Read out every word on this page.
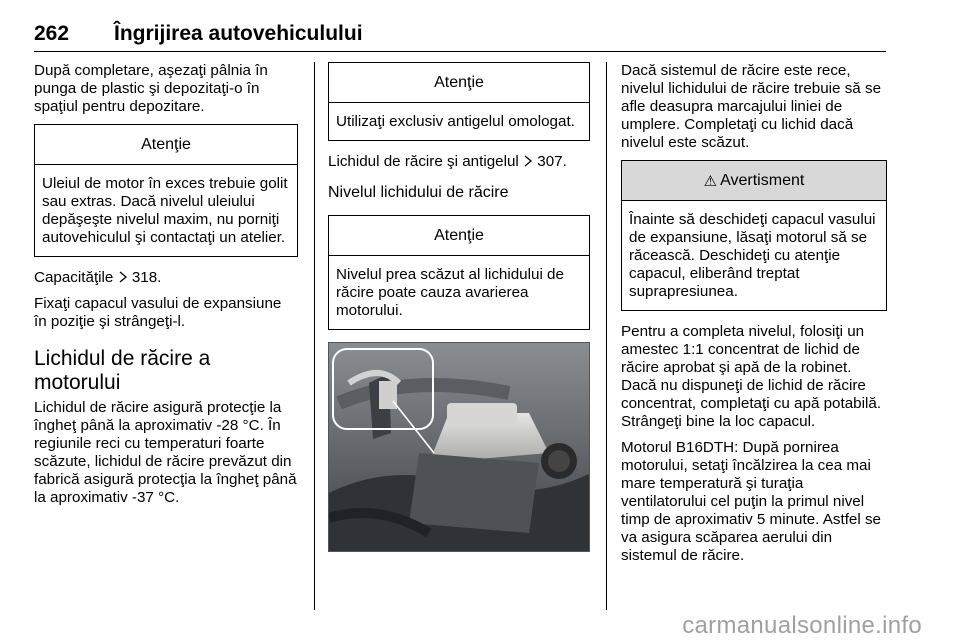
262 Îngrijirea autovehiculului

După completare, aşezaţi pâlnia în punga de plastic şi depozitaţi-o în spaţiul pentru depozitare.

Atenţie
Uleiul de motor în exces trebuie golit sau extras. Dacă nivelul uleiului depăşeşte nivelul maxim, nu porniţi autovehiculul şi contactaţi un atelier.

Capacităţile 318.

Fixaţi capacul vasului de expansiune în poziţie şi strângeţi-l.

Lichidul de răcire a motorului

Lichidul de răcire asigură protecţie la îngheţ până la aproximativ -28 °C. În regiunile reci cu temperaturi foarte scăzute, lichidul de răcire prevăzut din fabrică asigură protecţia la îngheţ până la aproximativ -37 °C.

Atenţie
Utilizaţi exclusiv antigelul omologat.

Lichidul de răcire şi antigelul 307.

Nivelul lichidului de răcire
Atenţie
Nivelul prea scăzut al lichidului de răcire poate cauza avarierea motorului.

Dacă sistemul de răcire este rece, nivelul lichidului de răcire trebuie să se afle deasupra marcajului liniei de umplere. Completaţi cu lichid dacă nivelul este scăzut.

⚠ Avertisment
Înainte să deschideţi capacul vasului de expansiune, lăsaţi motorul să se răcească. Deschideţi cu atenţie capacul, eliberând treptat suprapresiunea.

Pentru a completa nivelul, folosiţi un amestec 1:1 concentrat de lichid de răcire aprobat şi apă de la robinet. Dacă nu dispuneţi de lichid de răcire concentrat, completaţi cu apă potabilă. Strângeţi bine la loc capacul.

Motorul B16DTH: După pornirea motorului, setaţi încălzirea la cea mai mare temperatură şi turaţia ventilatorului cel puţin la primul nivel timp de aproximativ 5 minute. Astfel se va asigura scăparea aerului din sistemul de răcire.

carmanualsonline.info
